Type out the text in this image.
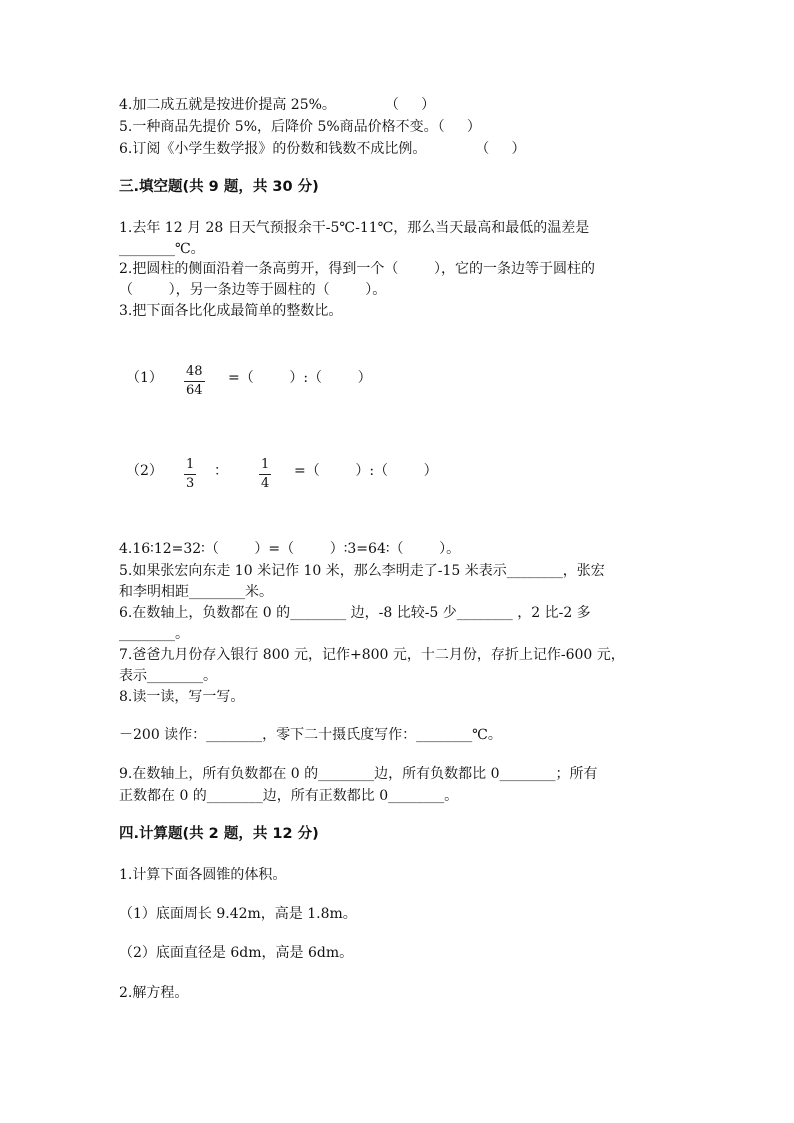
4.加二成五就是按进价提高 25%。           （     ）
5.一种商品先提价 5%，后降价 5%商品价格不变。（     ）
6.订阅《小学生数学报》的份数和钱数不成比例。           （     ）
三.填空题(共 9 题，共 30 分)
1.去年 12 月 28 日天气预报余干-5℃-11℃，那么当天最高和最低的温差是
________℃。
2.把圆柱的侧面沿着一条高剪开，得到一个（        ），它的一条边等于圆柱的
（        ），另一条边等于圆柱的（        ）。
3.把下面各比化成最简单的整数比。
（1） 48
64
=（        ）:（        ）
（2） 1
3
：	1
4
=（        ）:（        ）
4.16∶12=32∶（        ）=（        ）∶3=64∶（        ）。
5.如果张宏向东走 10 米记作 10 米，那么李明走了-15 米表示________，张宏
和李明相距________米。
6.在数轴上，负数都在 0 的________ 边，-8 比较-5 少________ ，2 比-2 多
________。
7.爸爸九月份存入银行 800 元，记作+800 元，十二月份，存折上记作-600 元，
表示________。
8.读一读，写一写。
－200 读作：________，零下二十摄氏度写作：________℃。
9.在数轴上，所有负数都在 0 的________边，所有负数都比 0________；所有
正数都在 0 的________边，所有正数都比 0________。
四.计算题(共 2 题，共 12 分)
1.计算下面各圆锥的体积。
（1）底面周长 9.42m，高是 1.8m。
（2）底面直径是 6dm，高是 6dm。
2.解方程。
